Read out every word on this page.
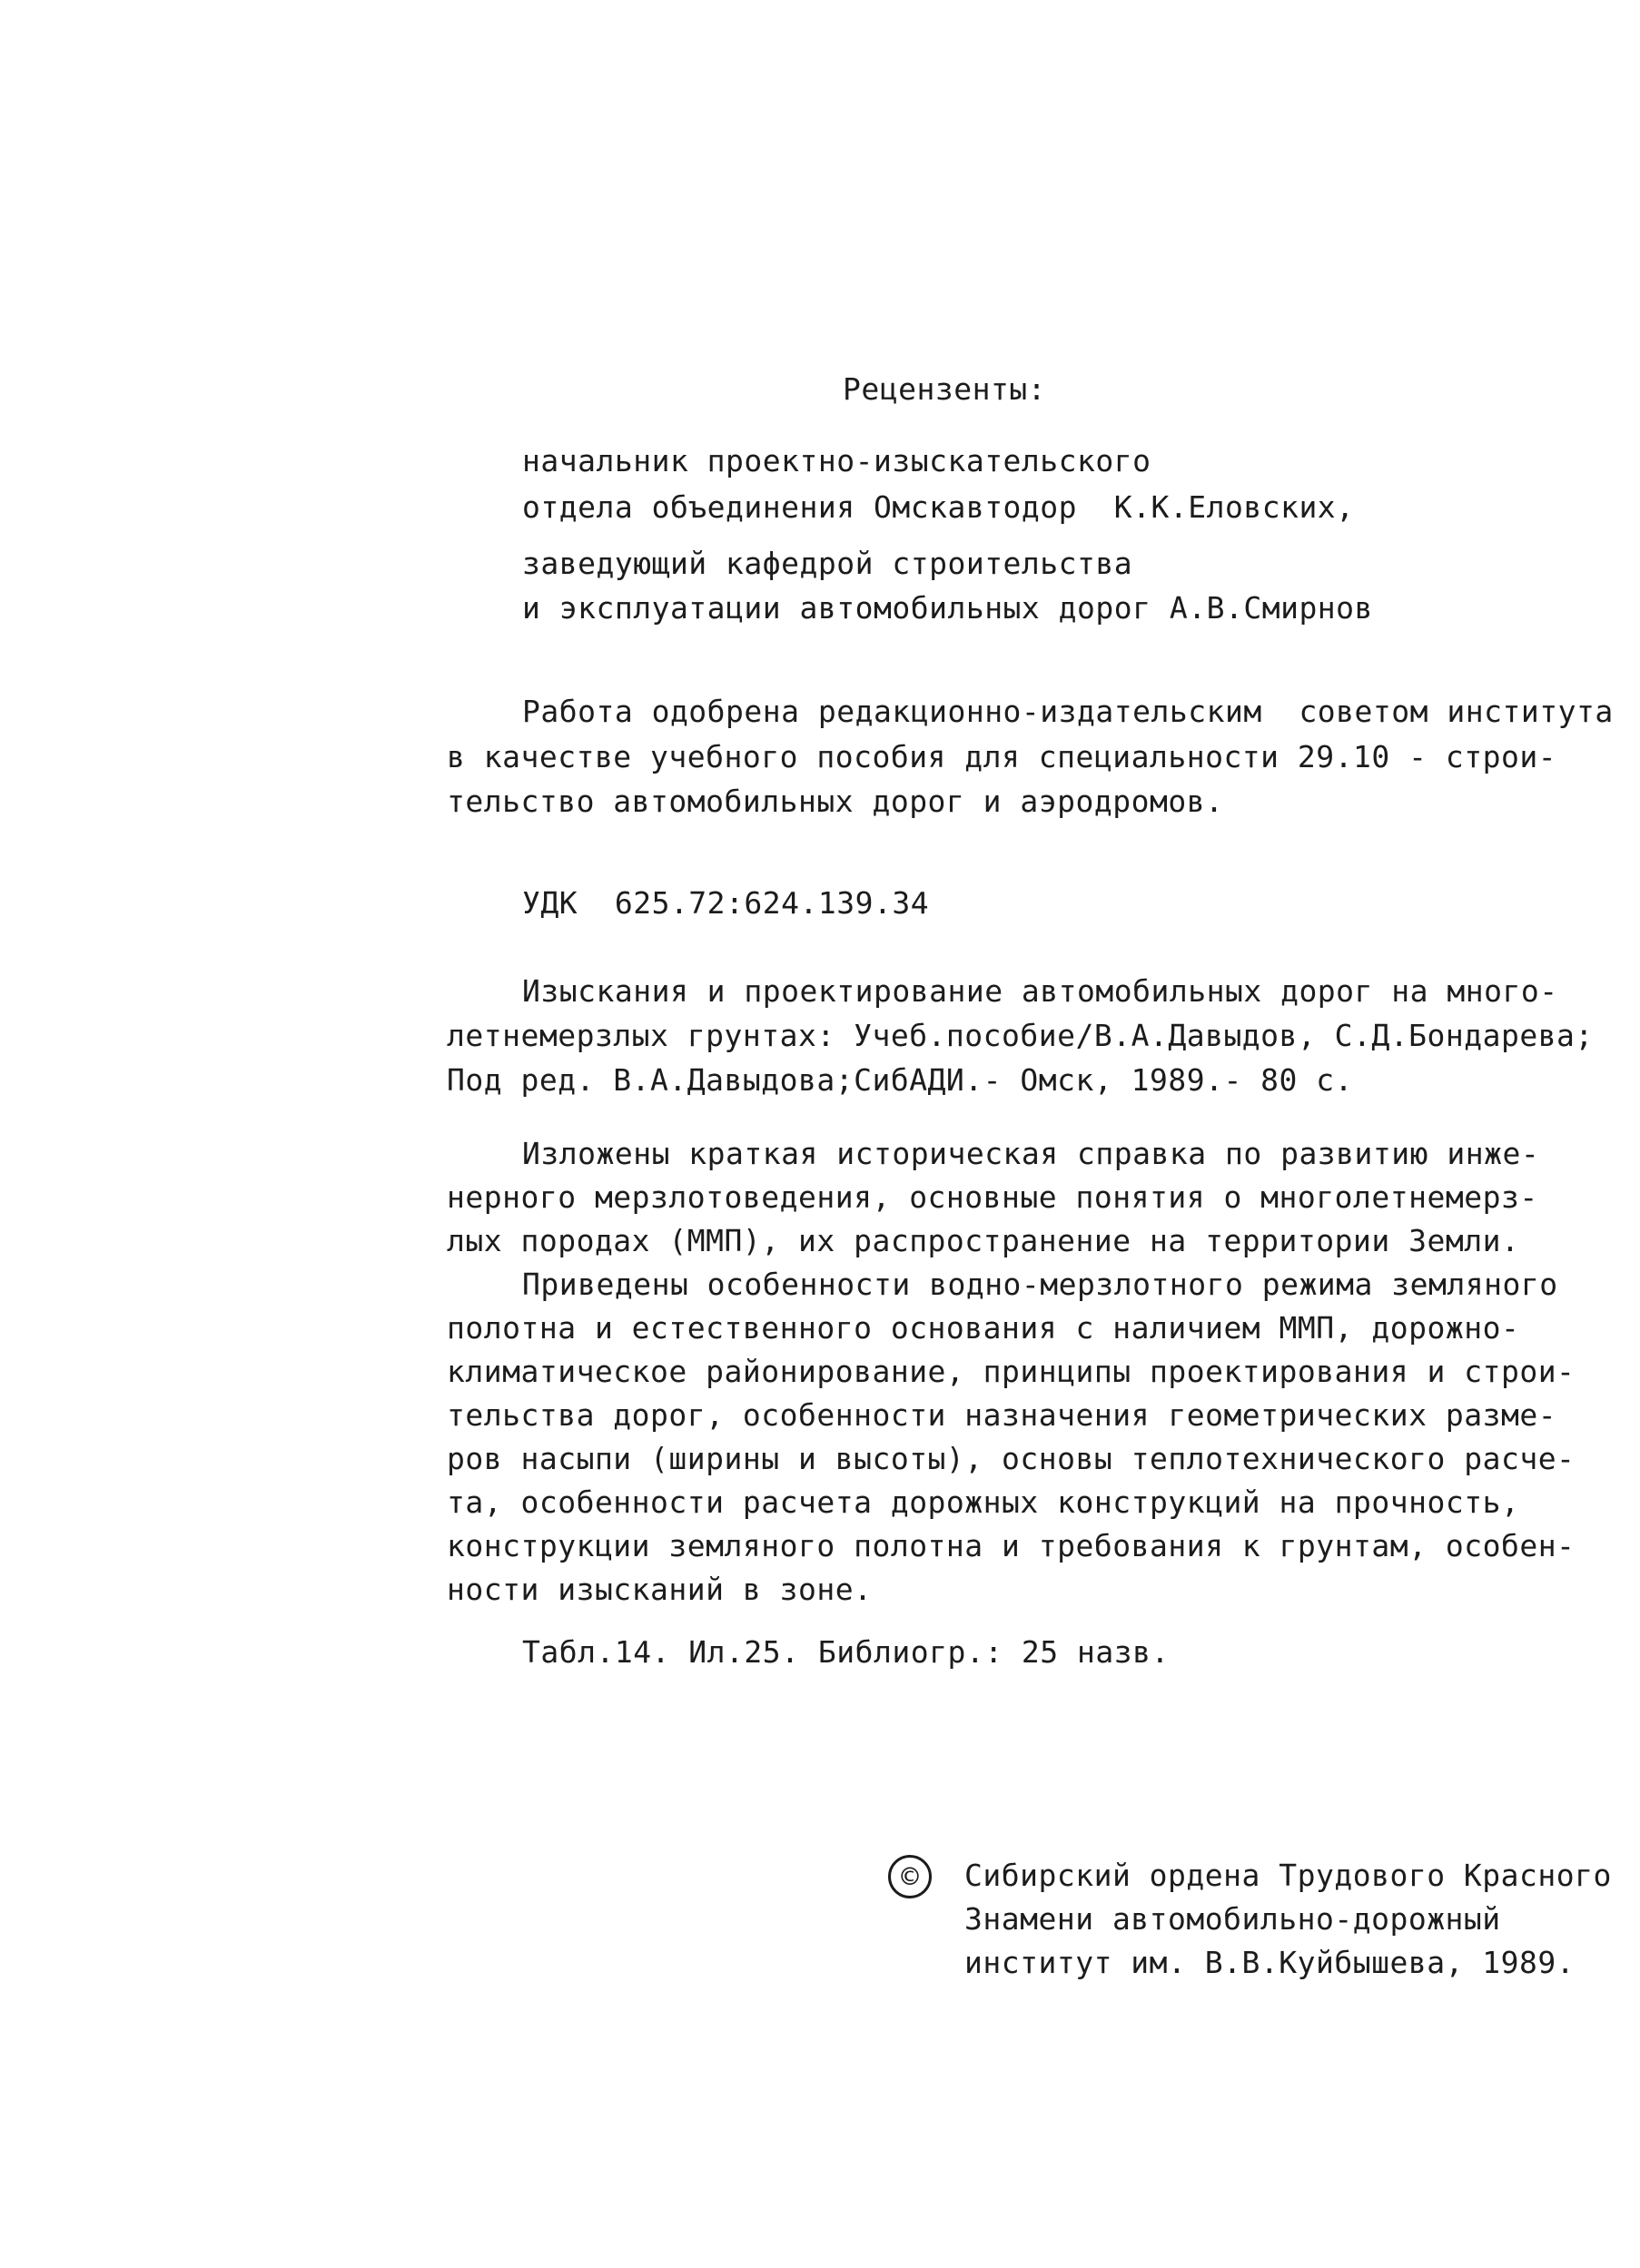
Рецензенты:
начальник проектно-изыскательского
отдела объединения Омскавтодор  К.К.Еловских,
заведующий кафедрой строительства
и эксплуатации автомобильных дорог А.В.Смирнов
Работа одобрена редакционно-издательским  советом института
в качестве учебного пособия для специальности 29.10 - строи-
тельство автомобильных дорог и аэродромов.
УДК  625.72:624.139.34
Изыскания и проектирование автомобильных дорог на много-
летнемерзлых грунтах: Учеб.пособие/В.А.Давыдов, С.Д.Бондарева;
Под ред. В.А.Давыдова;СибАДИ.- Омск, 1989.- 80 с.
Изложены краткая историческая справка по развитию инже-
нерного мерзлотоведения, основные понятия о многолетнемерз-
лых породах (ММП), их распространение на территории Земли.
Приведены особенности водно-мерзлотного режима земляного
полотна и естественного основания с наличием ММП, дорожно-
климатическое районирование, принципы проектирования и строи-
тельства дорог, особенности назначения геометрических разме-
ров насыпи (ширины и высоты), основы теплотехнического расче-
та, особенности расчета дорожных конструкций на прочность,
конструкции земляного полотна и требования к грунтам, особен-
ности изысканий в зоне.
Табл.14. Ил.25. Библиогр.: 25 назв.
©	Сибирский ордена Трудового Красного
Знамени автомобильно-дорожный
институт им. В.В.Куйбышева, 1989.
